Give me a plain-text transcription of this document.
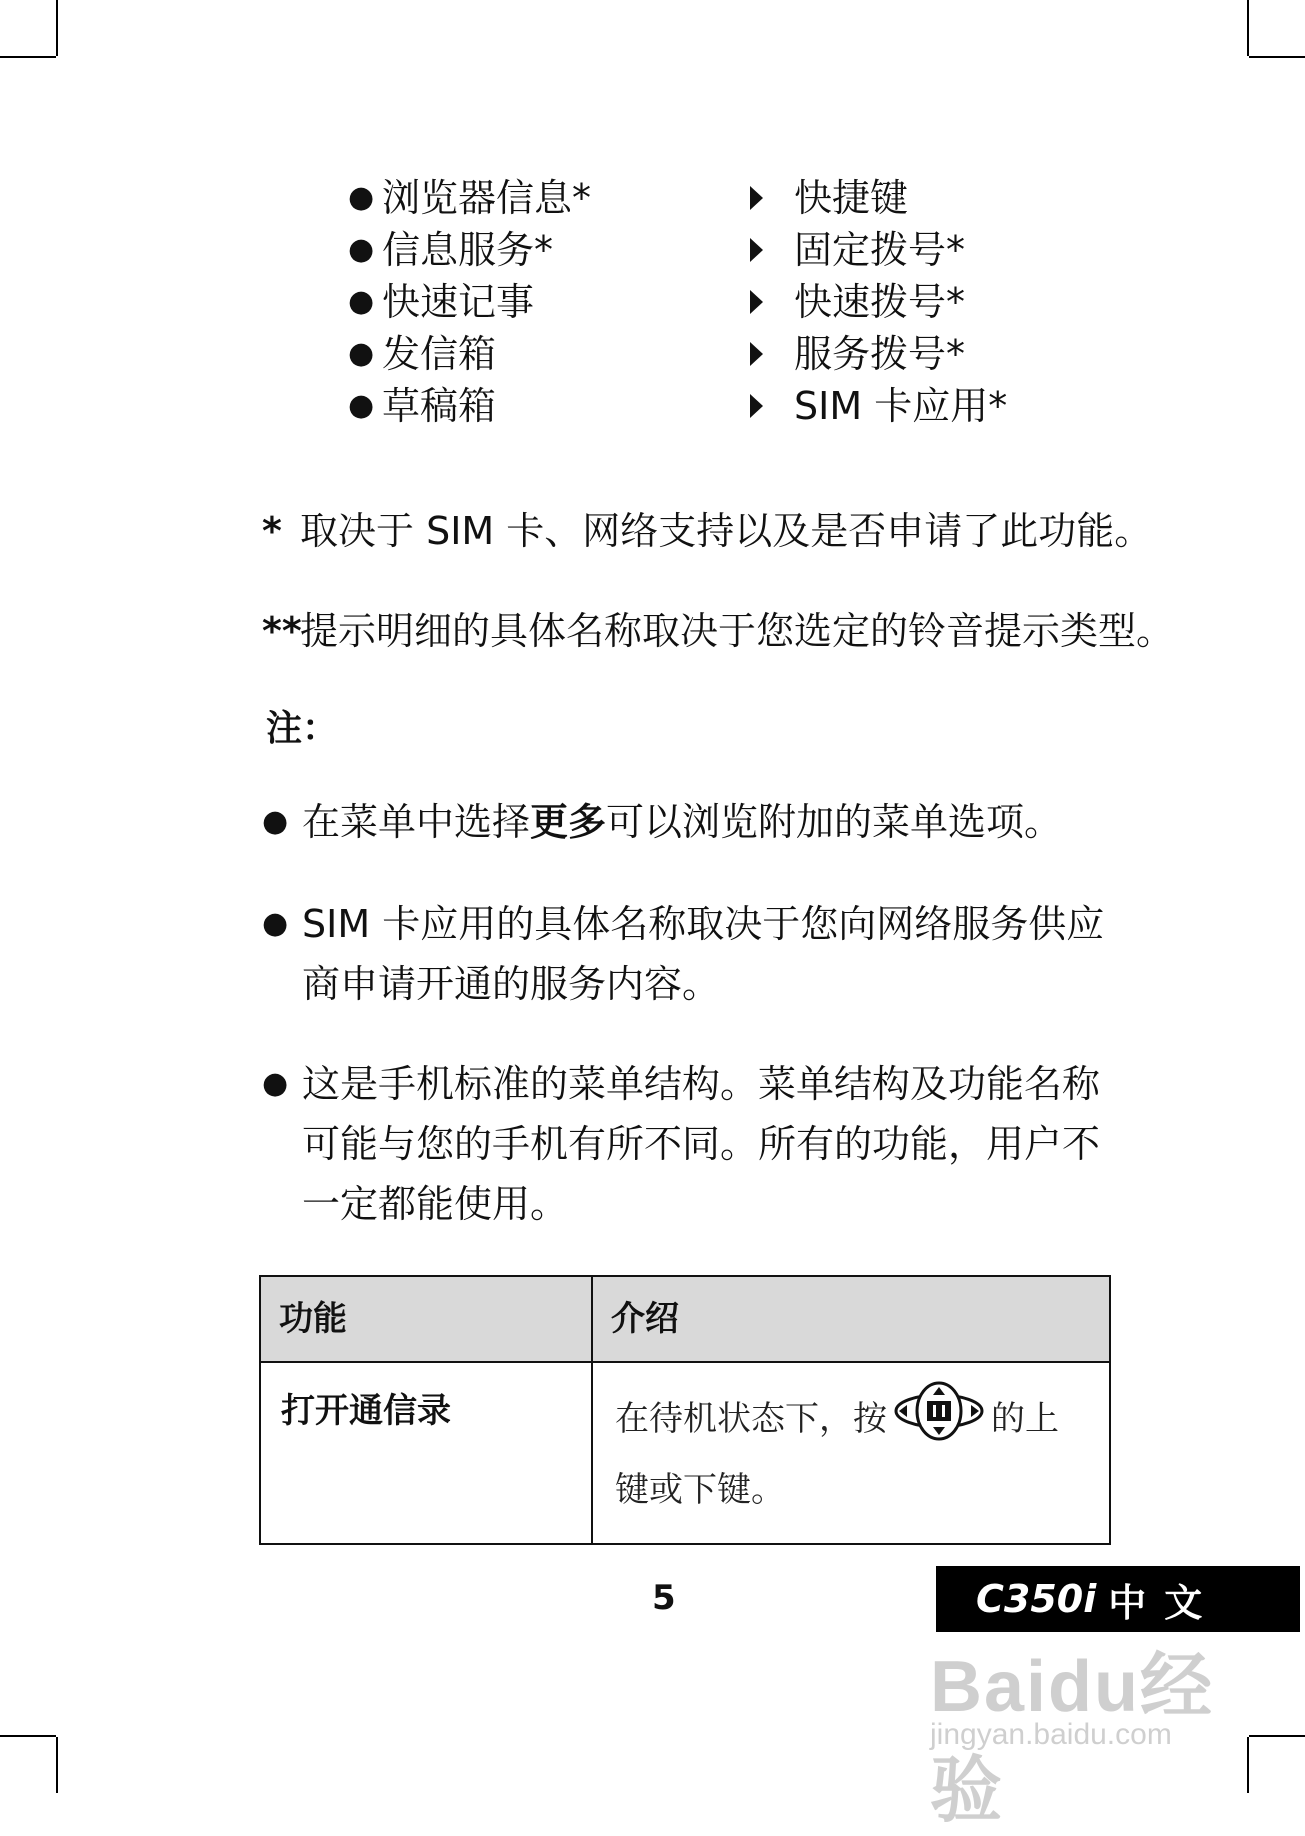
● 浏览器信息*
● 信息服务*
● 快速记事
● 发信箱
● 草稿箱
快捷键
固定拨号*
快速拨号*
服务拨号*
SIM 卡应用*
* 取决于 SIM 卡、网络支持以及是否申请了此功能。
**提示明细的具体名称取决于您选定的铃音提示类型。
注：
● 在菜单中选择更多可以浏览附加的菜单选项。
● SIM 卡应用的具体名称取决于您向网络服务供应商申请开通的服务内容。
● 这是手机标准的菜单结构。菜单结构及功能名称可能与您的手机有所不同。所有的功能，用户不一定都能使用。
功能	介绍
打开通信录	在待机状态下，按 的上键或下键。
5	C350i 中文
Baidu经验
jingyan.baidu.com
